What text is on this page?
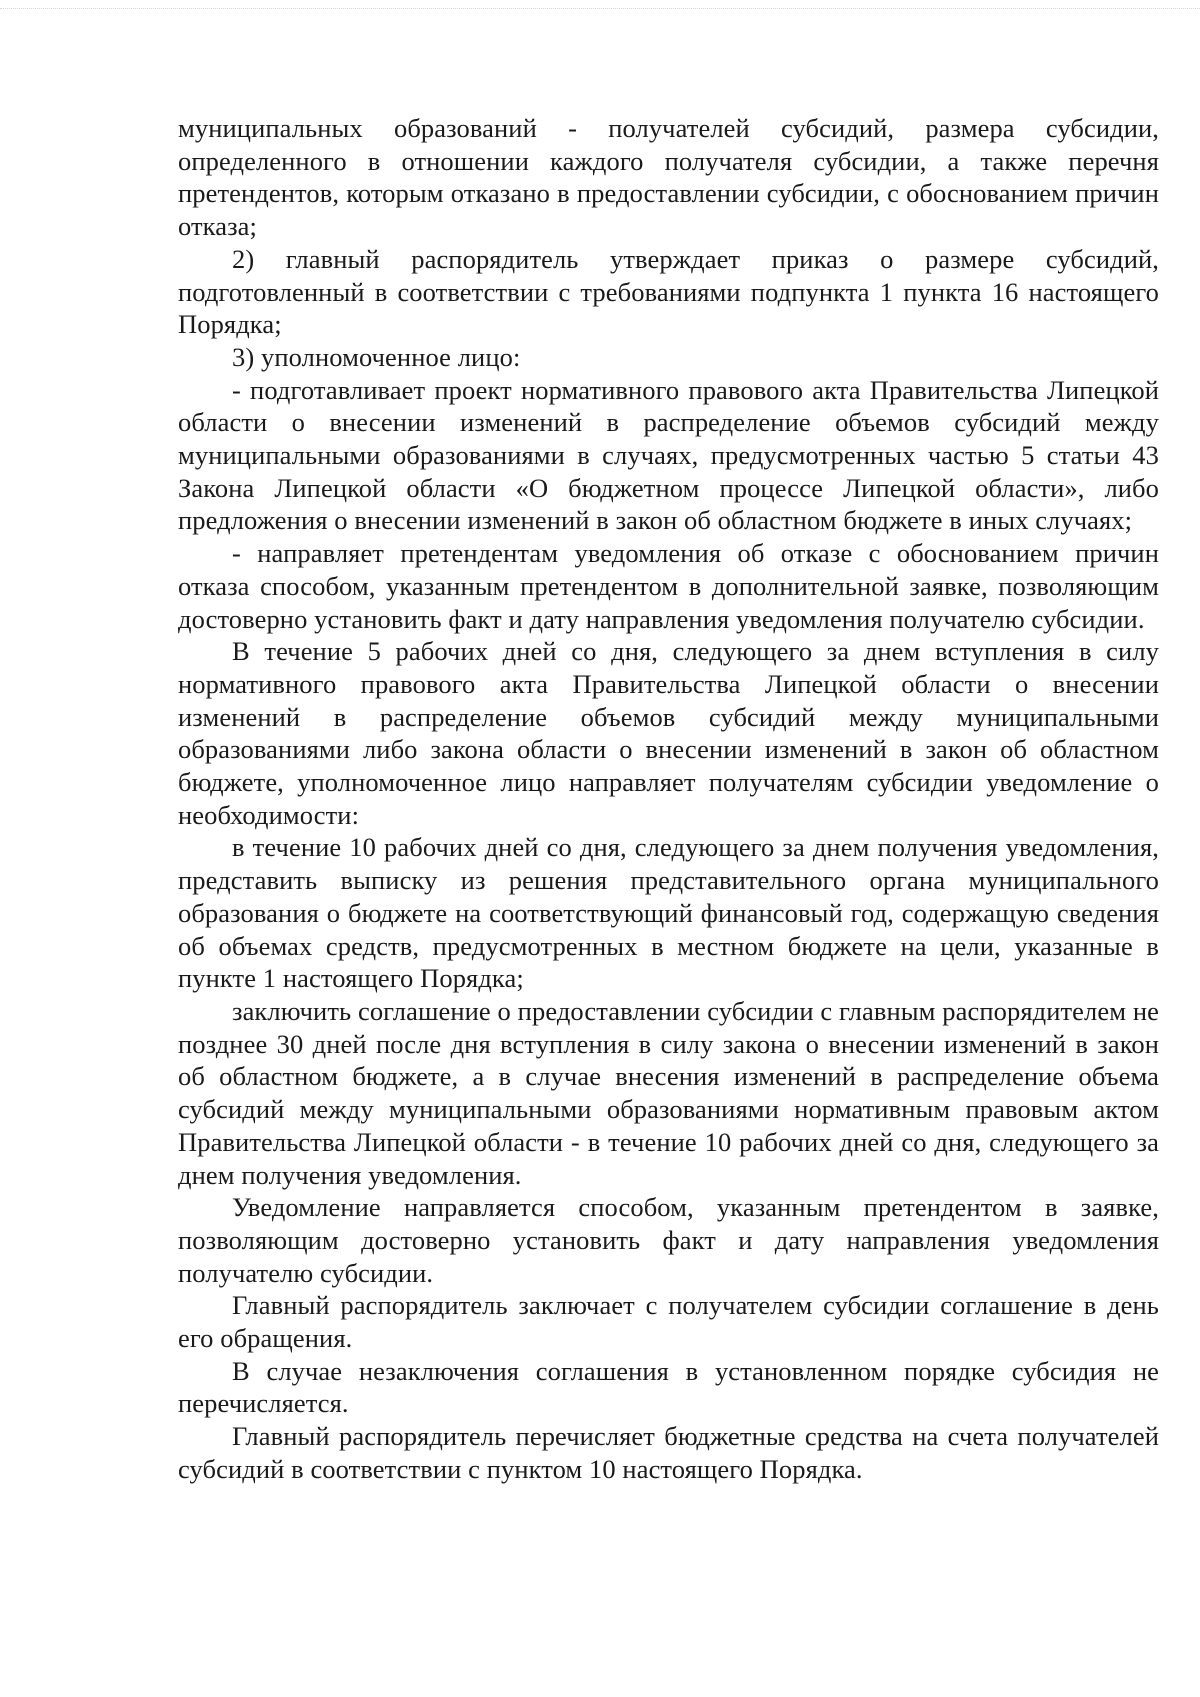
муниципальных образований - получателей субсидий, размера субсидии, определенного в отношении каждого получателя субсидии, а также перечня претендентов, которым отказано в предоставлении субсидии, с обоснованием причин отказа;

2) главный распорядитель утверждает приказ о размере субсидий, подготовленный в соответствии с требованиями подпункта 1 пункта 16 настоящего Порядка;

3) уполномоченное лицо:

- подготавливает проект нормативного правового акта Правительства Липецкой области о внесении изменений в распределение объемов субсидий между муниципальными образованиями в случаях, предусмотренных частью 5 статьи 43 Закона Липецкой области «О бюджетном процессе Липецкой области», либо предложения о внесении изменений в закон об областном бюджете в иных случаях;

- направляет претендентам уведомления об отказе с обоснованием причин отказа способом, указанным претендентом в дополнительной заявке, позволяющим достоверно установить факт и дату направления уведомления получателю субсидии.

В течение 5 рабочих дней со дня, следующего за днем вступления в силу нормативного правового акта Правительства Липецкой области о внесении изменений в распределение объемов субсидий между муниципальными образованиями либо закона области о внесении изменений в закон об областном бюджете, уполномоченное лицо направляет получателям субсидии уведомление о необходимости:

в течение 10 рабочих дней со дня, следующего за днем получения уведомления, представить выписку из решения представительного органа муниципального образования о бюджете на соответствующий финансовый год, содержащую сведения об объемах средств, предусмотренных в местном бюджете на цели, указанные в пункте 1 настоящего Порядка;

заключить соглашение о предоставлении субсидии с главным распорядителем не позднее 30 дней после дня вступления в силу закона о внесении изменений в закон об областном бюджете, а в случае внесения изменений в распределение объема субсидий между муниципальными образованиями нормативным правовым актом Правительства Липецкой области - в течение 10 рабочих дней со дня, следующего за днем получения уведомления.

Уведомление направляется способом, указанным претендентом в заявке, позволяющим достоверно установить факт и дату направления уведомления получателю субсидии.

Главный распорядитель заключает с получателем субсидии соглашение в день его обращения.

В случае незаключения соглашения в установленном порядке субсидия не перечисляется.

Главный распорядитель перечисляет бюджетные средства на счета получателей субсидий в соответствии с пунктом 10 настоящего Порядка.
